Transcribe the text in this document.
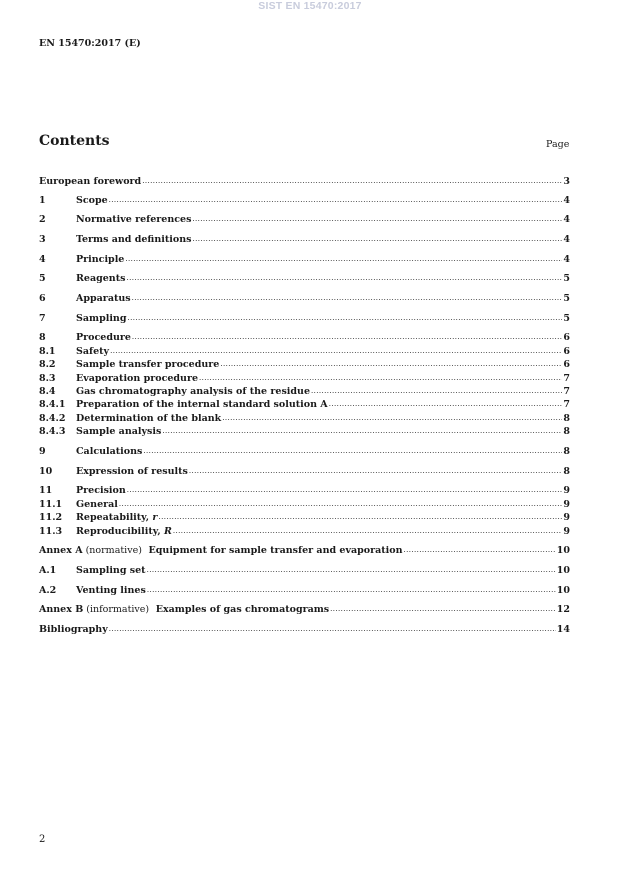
SIST EN 15470:2017
EN 15470:2017 (E)
Contents	Page
European foreword .....	3
1	Scope .....	4
2	Normative references .....	4
3	Terms and definitions .....	4
4	Principle .....	4
5	Reagents .....	5
6	Apparatus .....	5
7	Sampling .....	5
8	Procedure .....	6
8.1	Safety .....	6
8.2	Sample transfer procedure .....	6
8.3	Evaporation procedure .....	7
8.4	Gas chromatography analysis of the residue .....	7
8.4.1	Preparation of the internal standard solution A .....	7
8.4.2	Determination of the blank .....	8
8.4.3	Sample analysis .....	8
9	Calculations .....	8
10	Expression of results .....	8
11	Precision .....	9
11.1	General .....	9
11.2	Repeatability, r .....	9
11.3	Reproducibility, R .....	9
Annex A (normative)  Equipment for sample transfer and evaporation .....	10
A.1	Sampling set .....	10
A.2	Venting lines .....	10
Annex B (informative)  Examples of gas chromatograms .....	12
Bibliography .....	14
2
